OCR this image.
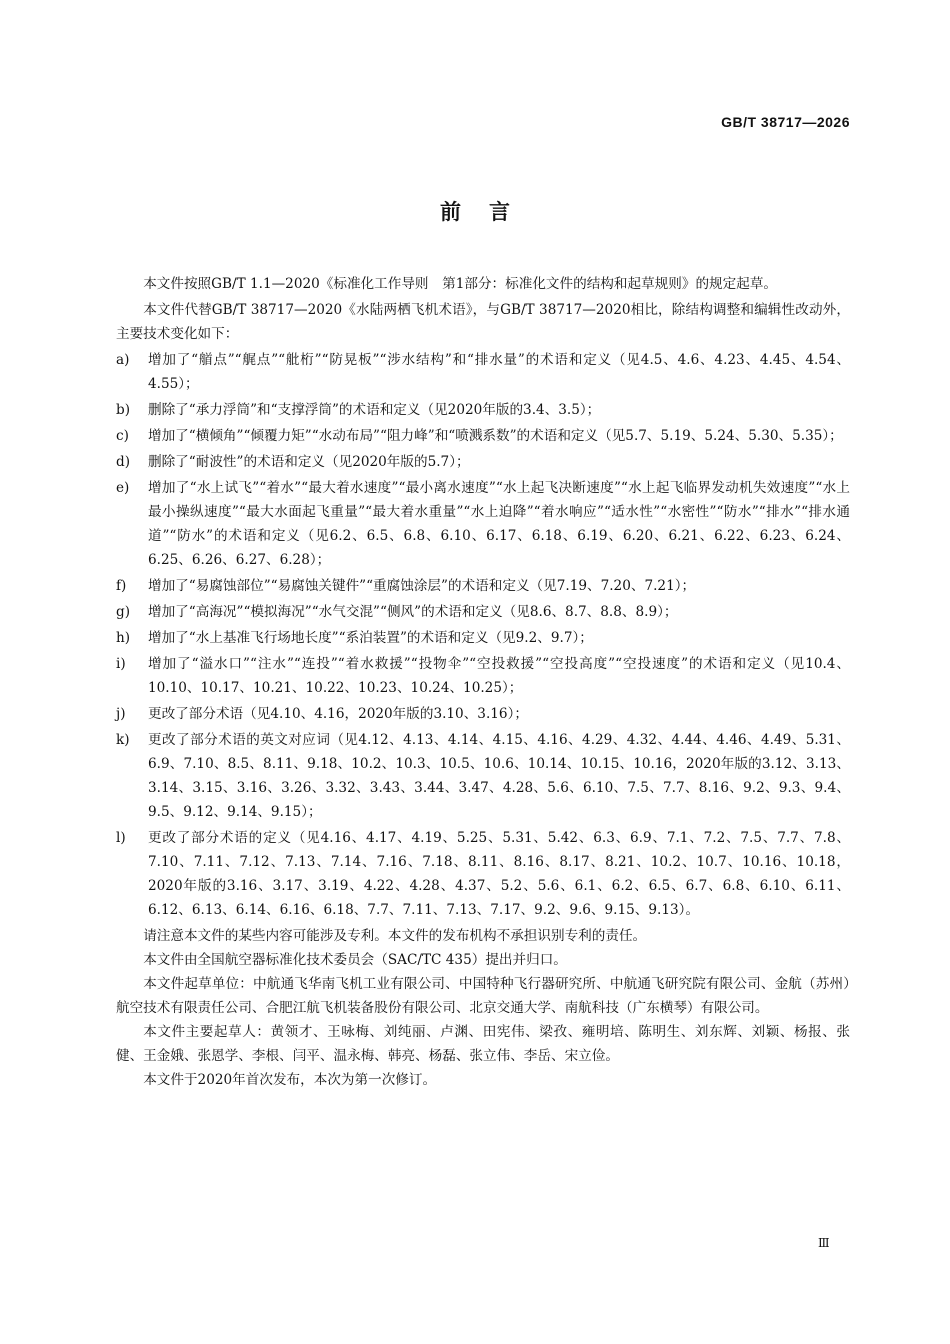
GB/T 38717—2026
前言

本文件按照GB/T 1.1—2020《标准化工作导则　第1部分：标准化文件的结构和起草规则》的规定起草。

本文件代替GB/T 38717—2020《水陆两栖飞机术语》，与GB/T 38717—2020相比，除结构调整和编辑性改动外，主要技术变化如下：

a)	增加了“艏点”“艉点”“舭桁”“防晃板”“涉水结构”和“排水量”的术语和定义（见4.5、4.6、4.23、4.45、4.54、4.55）；
b)	删除了“承力浮筒”和“支撑浮筒”的术语和定义（见2020年版的3.4、3.5）；
c)	增加了“横倾角”“倾覆力矩”“水动布局”“阻力峰”和“喷溅系数”的术语和定义（见5.7、5.19、5.24、5.30、5.35）；
d)	删除了“耐波性”的术语和定义（见2020年版的5.7）；
e)	增加了“水上试飞”“着水”“最大着水速度”“最小离水速度”“水上起飞决断速度”“水上起飞临界发动机失效速度”“水上最小操纵速度”“最大水面起飞重量”“最大着水重量”“水上迫降”“着水响应”“适水性”“水密性”“防水”“排水”“排水通道”“防水”的术语和定义（见6.2、6.5、6.8、6.10、6.17、6.18、6.19、6.20、6.21、6.22、6.23、6.24、6.25、6.26、6.27、6.28）；
f)	增加了“易腐蚀部位”“易腐蚀关键件”“重腐蚀涂层”的术语和定义（见7.19、7.20、7.21）；
g)	增加了“高海况”“模拟海况”“水气交混”“侧风”的术语和定义（见8.6、8.7、8.8、8.9）；
h)	增加了“水上基准飞行场地长度”“系泊装置”的术语和定义（见9.2、9.7）；
i)	增加了“溢水口”“注水”“连投”“着水救援”“投物伞”“空投救援”“空投高度”“空投速度”的术语和定义（见10.4、10.10、10.17、10.21、10.22、10.23、10.24、10.25）；
j)	更改了部分术语（见4.10、4.16，2020年版的3.10、3.16）；
k)	更改了部分术语的英文对应词（见4.12、4.13、4.14、4.15、4.16、4.29、4.32、4.44、4.46、4.49、5.31、6.9、7.10、8.5、8.11、9.18、10.2、10.3、10.5、10.6、10.14、10.15、10.16，2020年版的3.12、3.13、3.14、3.15、3.16、3.26、3.32、3.43、3.44、3.47、4.28、5.6、6.10、7.5、7.7、8.16、9.2、9.3、9.4、9.5、9.12、9.14、9.15）；
l)	更改了部分术语的定义（见4.16、4.17、4.19、5.25、5.31、5.42、6.3、6.9、7.1、7.2、7.5、7.7、7.8、7.10、7.11、7.12、7.13、7.14、7.16、7.18、8.11、8.16、8.17、8.21、10.2、10.7、10.16、10.18，2020年版的3.16、3.17、3.19、4.22、4.28、4.37、5.2、5.6、6.1、6.2、6.5、6.7、6.8、6.10、6.11、6.12、6.13、6.14、6.16、6.18、7.7、7.11、7.13、7.17、9.2、9.6、9.15、9.13）。

请注意本文件的某些内容可能涉及专利。本文件的发布机构不承担识别专利的责任。

本文件由全国航空器标准化技术委员会（SAC/TC 435）提出并归口。

本文件起草单位：中航通飞华南飞机工业有限公司、中国特种飞行器研究所、中航通飞研究院有限公司、金航（苏州）航空技术有限责任公司、合肥江航飞机装备股份有限公司、北京交通大学、南航科技（广东横琴）有限公司。

本文件主要起草人：黄领才、王咏梅、刘纯丽、卢渊、田宪伟、梁孜、雍明培、陈明生、刘东辉、刘颖、杨报、张健、王金娥、张恩学、李根、闫平、温永梅、韩亮、杨磊、张立伟、李岳、宋立俭。

本文件于2020年首次发布，本次为第一次修订。

Ⅲ
